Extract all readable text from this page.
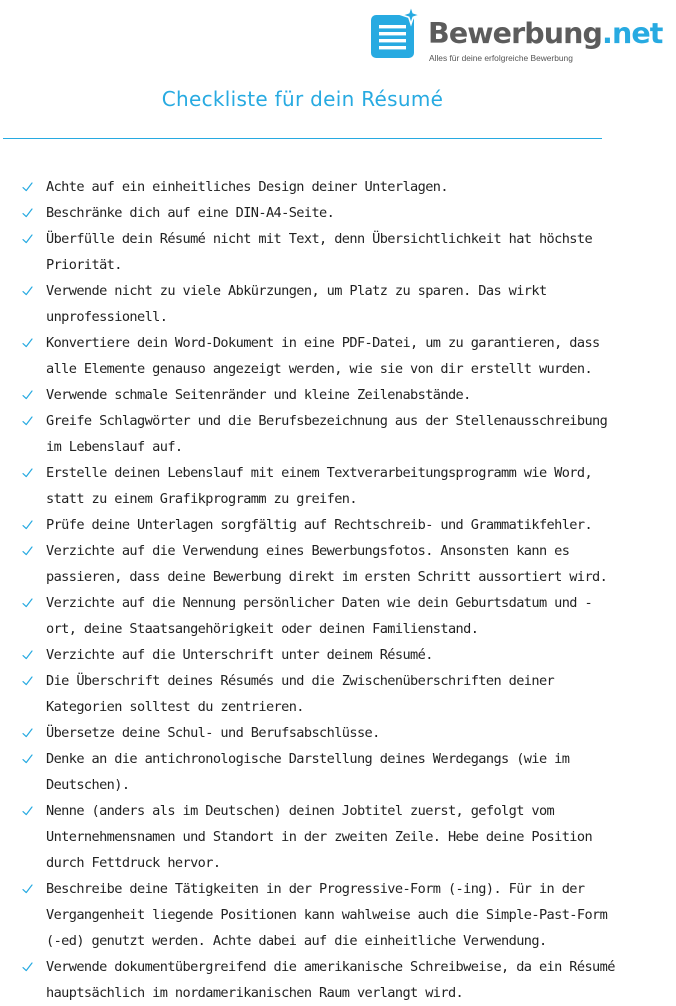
Bewerbung.net
Alles für deine erfolgreiche Bewerbung
Checkliste für dein Résumé
Achte auf ein einheitliches Design deiner Unterlagen.
Beschränke dich auf eine DIN-A4-Seite.
Überfülle dein Résumé nicht mit Text, denn Übersichtlichkeit hat höchste Priorität.
Verwende nicht zu viele Abkürzungen, um Platz zu sparen. Das wirkt unprofessionell.
Konvertiere dein Word-Dokument in eine PDF-Datei, um zu garantieren, dass alle Elemente genauso angezeigt werden, wie sie von dir erstellt wurden.
Verwende schmale Seitenränder und kleine Zeilenabstände.
Greife Schlagwörter und die Berufsbezeichnung aus der Stellenausschreibung im Lebenslauf auf.
Erstelle deinen Lebenslauf mit einem Textverarbeitungsprogramm wie Word, statt zu einem Grafikprogramm zu greifen.
Prüfe deine Unterlagen sorgfältig auf Rechtschreib- und Grammatikfehler.
Verzichte auf die Verwendung eines Bewerbungsfotos. Ansonsten kann es passieren, dass deine Bewerbung direkt im ersten Schritt aussortiert wird.
Verzichte auf die Nennung persönlicher Daten wie dein Geburtsdatum und -ort, deine Staatsangehörigkeit oder deinen Familienstand.
Verzichte auf die Unterschrift unter deinem Résumé.
Die Überschrift deines Résumés und die Zwischenüberschriften deiner Kategorien solltest du zentrieren.
Übersetze deine Schul- und Berufsabschlüsse.
Denke an die antichronologische Darstellung deines Werdegangs (wie im Deutschen).
Nenne (anders als im Deutschen) deinen Jobtitel zuerst, gefolgt vom Unternehmensnamen und Standort in der zweiten Zeile. Hebe deine Position durch Fettdruck hervor.
Beschreibe deine Tätigkeiten in der Progressive-Form (-ing). Für in der Vergangenheit liegende Positionen kann wahlweise auch die Simple-Past-Form (-ed) genutzt werden. Achte dabei auf die einheitliche Verwendung.
Verwende dokumentübergreifend die amerikanische Schreibweise, da ein Résumé hauptsächlich im nordamerikanischen Raum verlangt wird.
